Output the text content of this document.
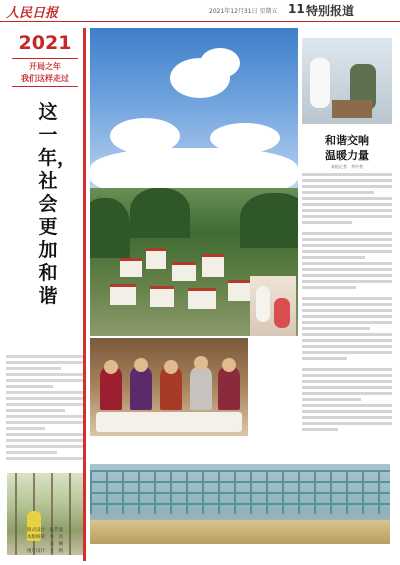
人民日报	2021年12月31日 星期五 11 特别报道
2021
开局之年
我们这样走过
这一年，社会更加和谐
版式设计：张芳曼
本版统筹：李　浩
　　　　　吴　楠
图片设计：王　婧
和谐交响
温暖力量
本报记者　李中尧
